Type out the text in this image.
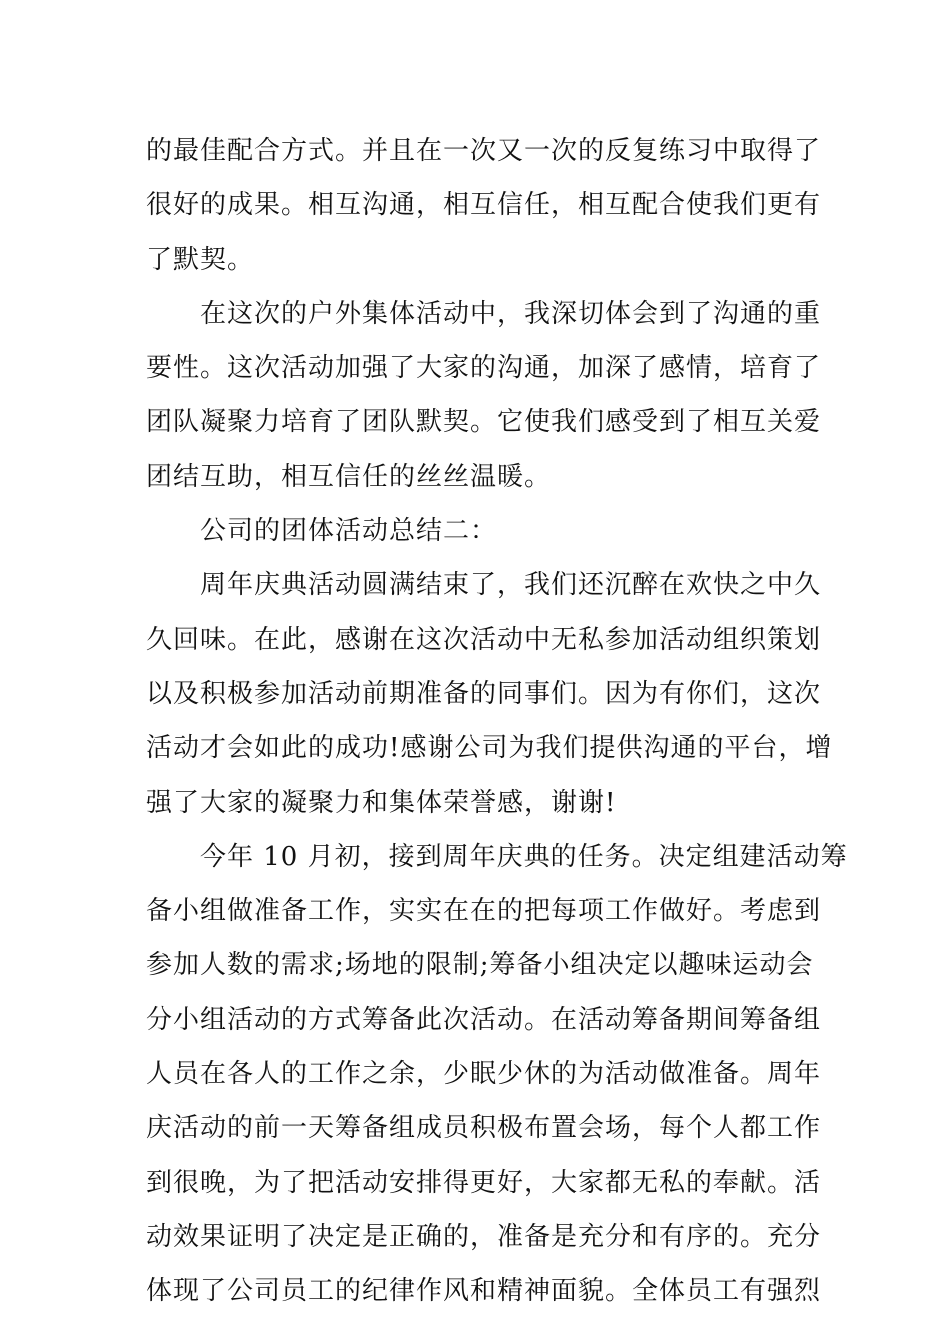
的最佳配合方式。并且在一次又一次的反复练习中取得了
很好的成果。相互沟通，相互信任，相互配合使我们更有
了默契。
在这次的户外集体活动中，我深切体会到了沟通的重
要性。这次活动加强了大家的沟通，加深了感情，培育了
团队凝聚力培育了团队默契。它使我们感受到了相互关爱
团结互助，相互信任的丝丝温暖。
公司的团体活动总结二：
周年庆典活动圆满结束了，我们还沉醉在欢快之中久
久回味。在此，感谢在这次活动中无私参加活动组织策划
以及积极参加活动前期准备的同事们。因为有你们，这次
活动才会如此的成功!感谢公司为我们提供沟通的平台，增
强了大家的凝聚力和集体荣誉感，谢谢!
今年 10 月初，接到周年庆典的任务。决定组建活动筹
备小组做准备工作，实实在在的把每项工作做好。考虑到
参加人数的需求;场地的限制;筹备小组决定以趣味运动会
分小组活动的方式筹备此次活动。在活动筹备期间筹备组
人员在各人的工作之余，少眠少休的为活动做准备。周年
庆活动的前一天筹备组成员积极布置会场，每个人都工作
到很晚，为了把活动安排得更好，大家都无私的奉献。活
动效果证明了决定是正确的，准备是充分和有序的。充分
体现了公司员工的纪律作风和精神面貌。全体员工有强烈
